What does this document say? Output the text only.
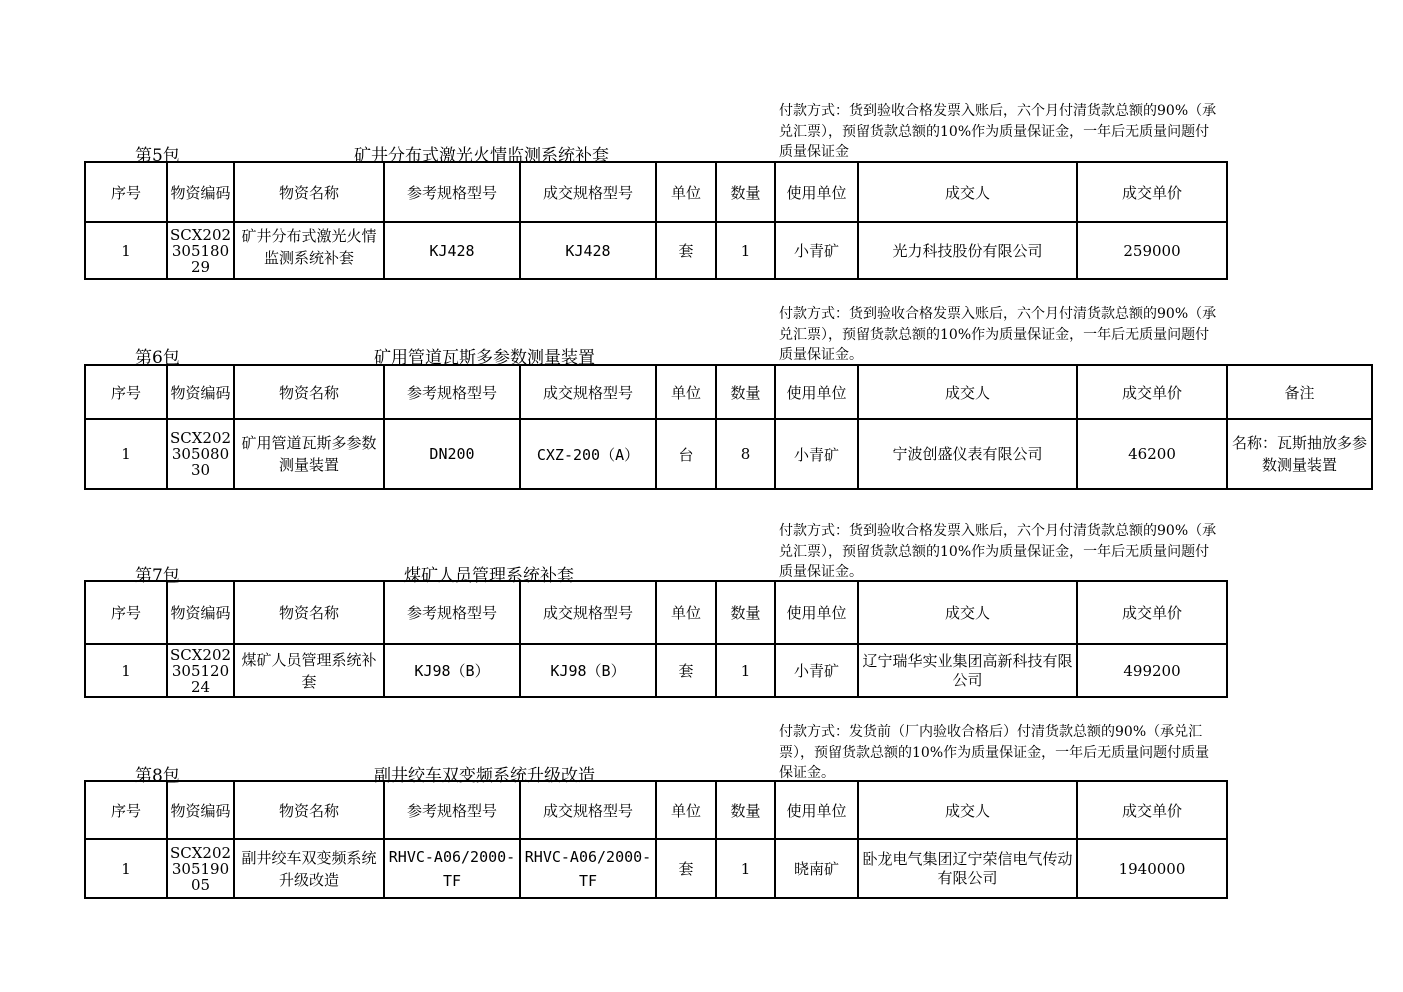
第5包	矿井分布式激光火情监测系统补套
付款方式：货到验收合格发票入账后，六个月付清货款总额的90%（承兑汇票），预留货款总额的10%作为质量保证金，一年后无质量问题付质量保证金
序号	物资编码	物资名称	参考规格型号	成交规格型号	单位	数量	使用单位	成交人	成交单价
1	SCX20230518029	矿井分布式激光火情监测系统补套	KJ428	KJ428	套	1	小青矿	光力科技股份有限公司	259000
第6包	矿用管道瓦斯多参数测量装置
付款方式：货到验收合格发票入账后，六个月付清货款总额的90%（承兑汇票），预留货款总额的10%作为质量保证金，一年后无质量问题付质量保证金。
序号	物资编码	物资名称	参考规格型号	成交规格型号	单位	数量	使用单位	成交人	成交单价	备注
1	SCX20230508030	矿用管道瓦斯多参数测量装置	DN200	CXZ-200（A）	台	8	小青矿	宁波创盛仪表有限公司	46200	名称：瓦斯抽放多参数测量装置
第7包	煤矿人员管理系统补套
付款方式：货到验收合格发票入账后，六个月付清货款总额的90%（承兑汇票），预留货款总额的10%作为质量保证金，一年后无质量问题付质量保证金。
序号	物资编码	物资名称	参考规格型号	成交规格型号	单位	数量	使用单位	成交人	成交单价
1	SCX20230512024	煤矿人员管理系统补套	KJ98（B）	KJ98（B）	套	1	小青矿	辽宁瑞华实业集团高新科技有限公司	499200
第8包	副井绞车双变频系统升级改造
付款方式：发货前（厂内验收合格后）付清货款总额的90%（承兑汇票），预留货款总额的10%作为质量保证金，一年后无质量问题付质量保证金。
序号	物资编码	物资名称	参考规格型号	成交规格型号	单位	数量	使用单位	成交人	成交单价
1	SCX20230519005	副井绞车双变频系统升级改造	RHVC-A06/2000-TF	RHVC-A06/2000-TF	套	1	晓南矿	卧龙电气集团辽宁荣信电气传动有限公司	1940000
